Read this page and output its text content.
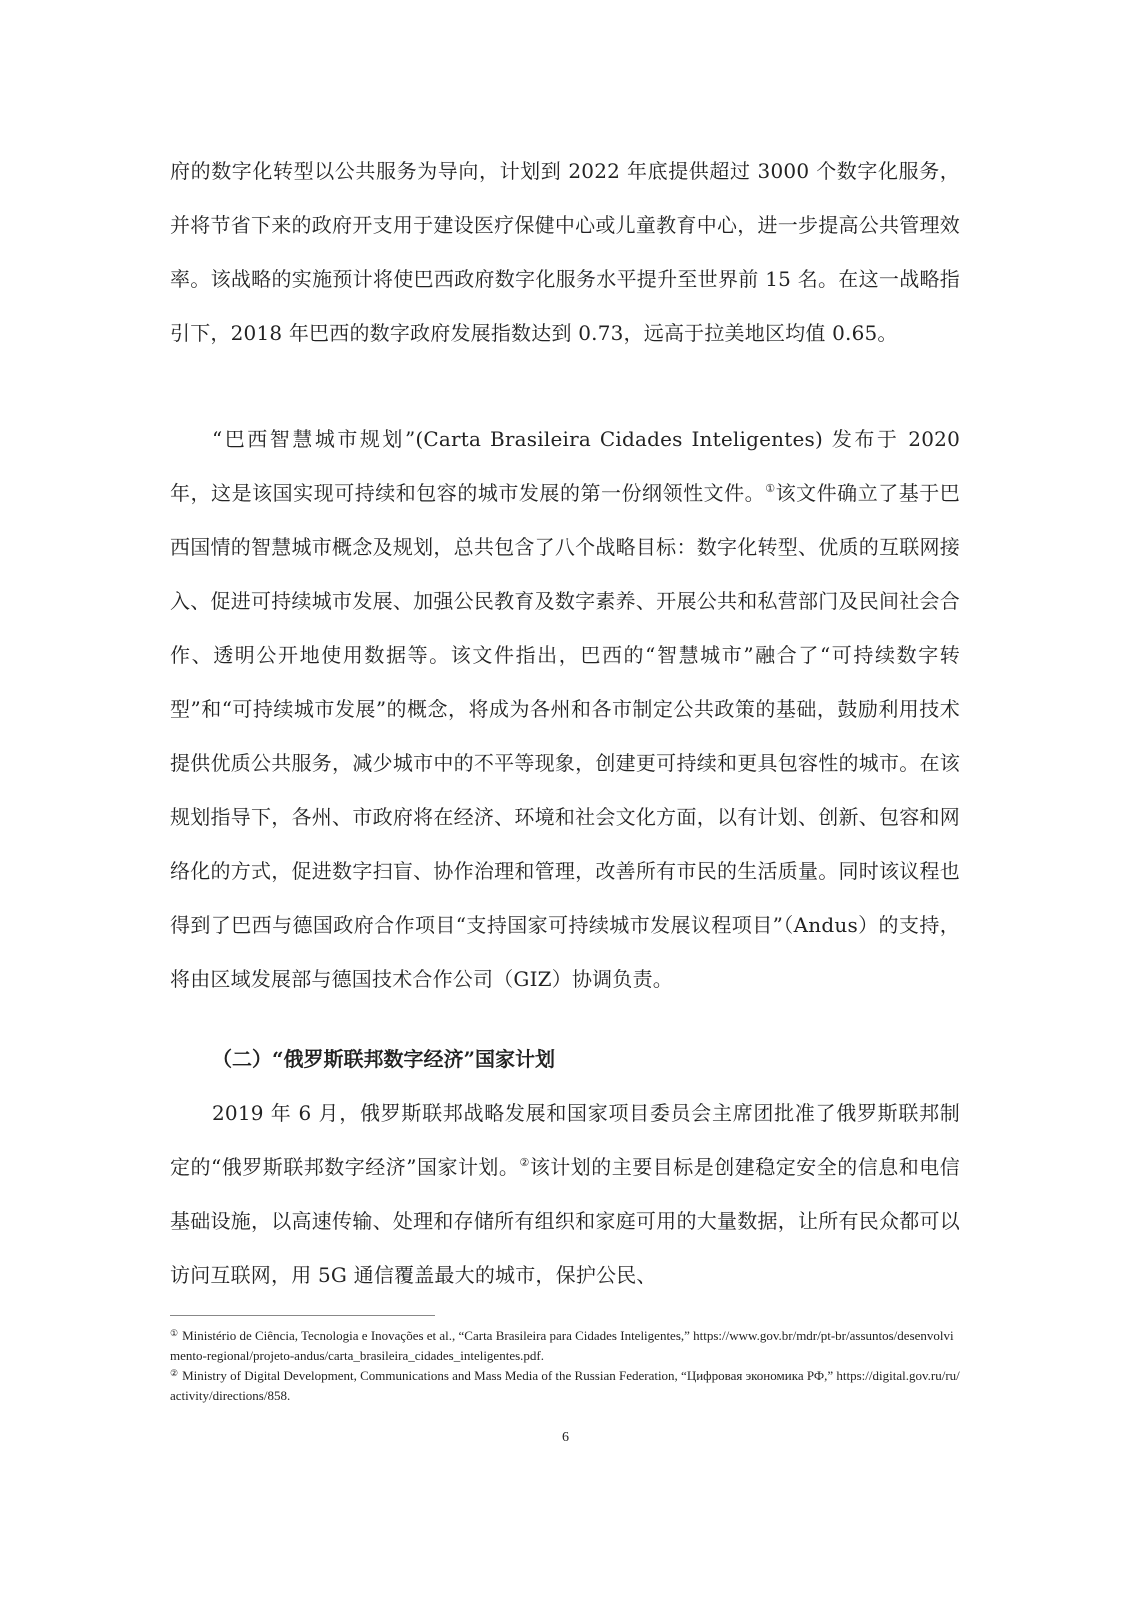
府的数字化转型以公共服务为导向，计划到 2022 年底提供超过 3000 个数字化服务，并将节省下来的政府开支用于建设医疗保健中心或儿童教育中心，进一步提高公共管理效率。该战略的实施预计将使巴西政府数字化服务水平提升至世界前 15 名。在这一战略指引下，2018 年巴西的数字政府发展指数达到 0.73，远高于拉美地区均值 0.65。

“巴西智慧城市规划”(Carta Brasileira Cidades Inteligentes) 发布于 2020 年，这是该国实现可持续和包容的城市发展的第一份纲领性文件。①该文件确立了基于巴西国情的智慧城市概念及规划，总共包含了八个战略目标：数字化转型、优质的互联网接入、促进可持续城市发展、加强公民教育及数字素养、开展公共和私营部门及民间社会合作、透明公开地使用数据等。该文件指出，巴西的“智慧城市”融合了“可持续数字转型”和“可持续城市发展”的概念，将成为各州和各市制定公共政策的基础，鼓励利用技术提供优质公共服务，减少城市中的不平等现象，创建更可持续和更具包容性的城市。在该规划指导下，各州、市政府将在经济、环境和社会文化方面，以有计划、创新、包容和网络化的方式，促进数字扫盲、协作治理和管理，改善所有市民的生活质量。同时该议程也得到了巴西与德国政府合作项目“支持国家可持续城市发展议程项目”（Andus）的支持，将由区域发展部与德国技术合作公司（GIZ）协调负责。

（二）“俄罗斯联邦数字经济”国家计划

2019 年 6 月，俄罗斯联邦战略发展和国家项目委员会主席团批准了俄罗斯联邦制定的“俄罗斯联邦数字经济”国家计划。②该计划的主要目标是创建稳定安全的信息和电信基础设施，以高速传输、处理和存储所有组织和家庭可用的大量数据，让所有民众都可以访问互联网，用 5G 通信覆盖最大的城市，保护公民、

① Ministério de Ciência, Tecnologia e Inovações et al., “Carta Brasileira para Cidades Inteligentes,” https://www.gov.br/mdr/pt-br/assuntos/desenvolvimento-regional/projeto-andus/carta_brasileira_cidades_inteligentes.pdf.

② Ministry of Digital Development, Communications and Mass Media of the Russian Federation, “Цифровая экономика РФ,” https://digital.gov.ru/ru/activity/directions/858.

6
